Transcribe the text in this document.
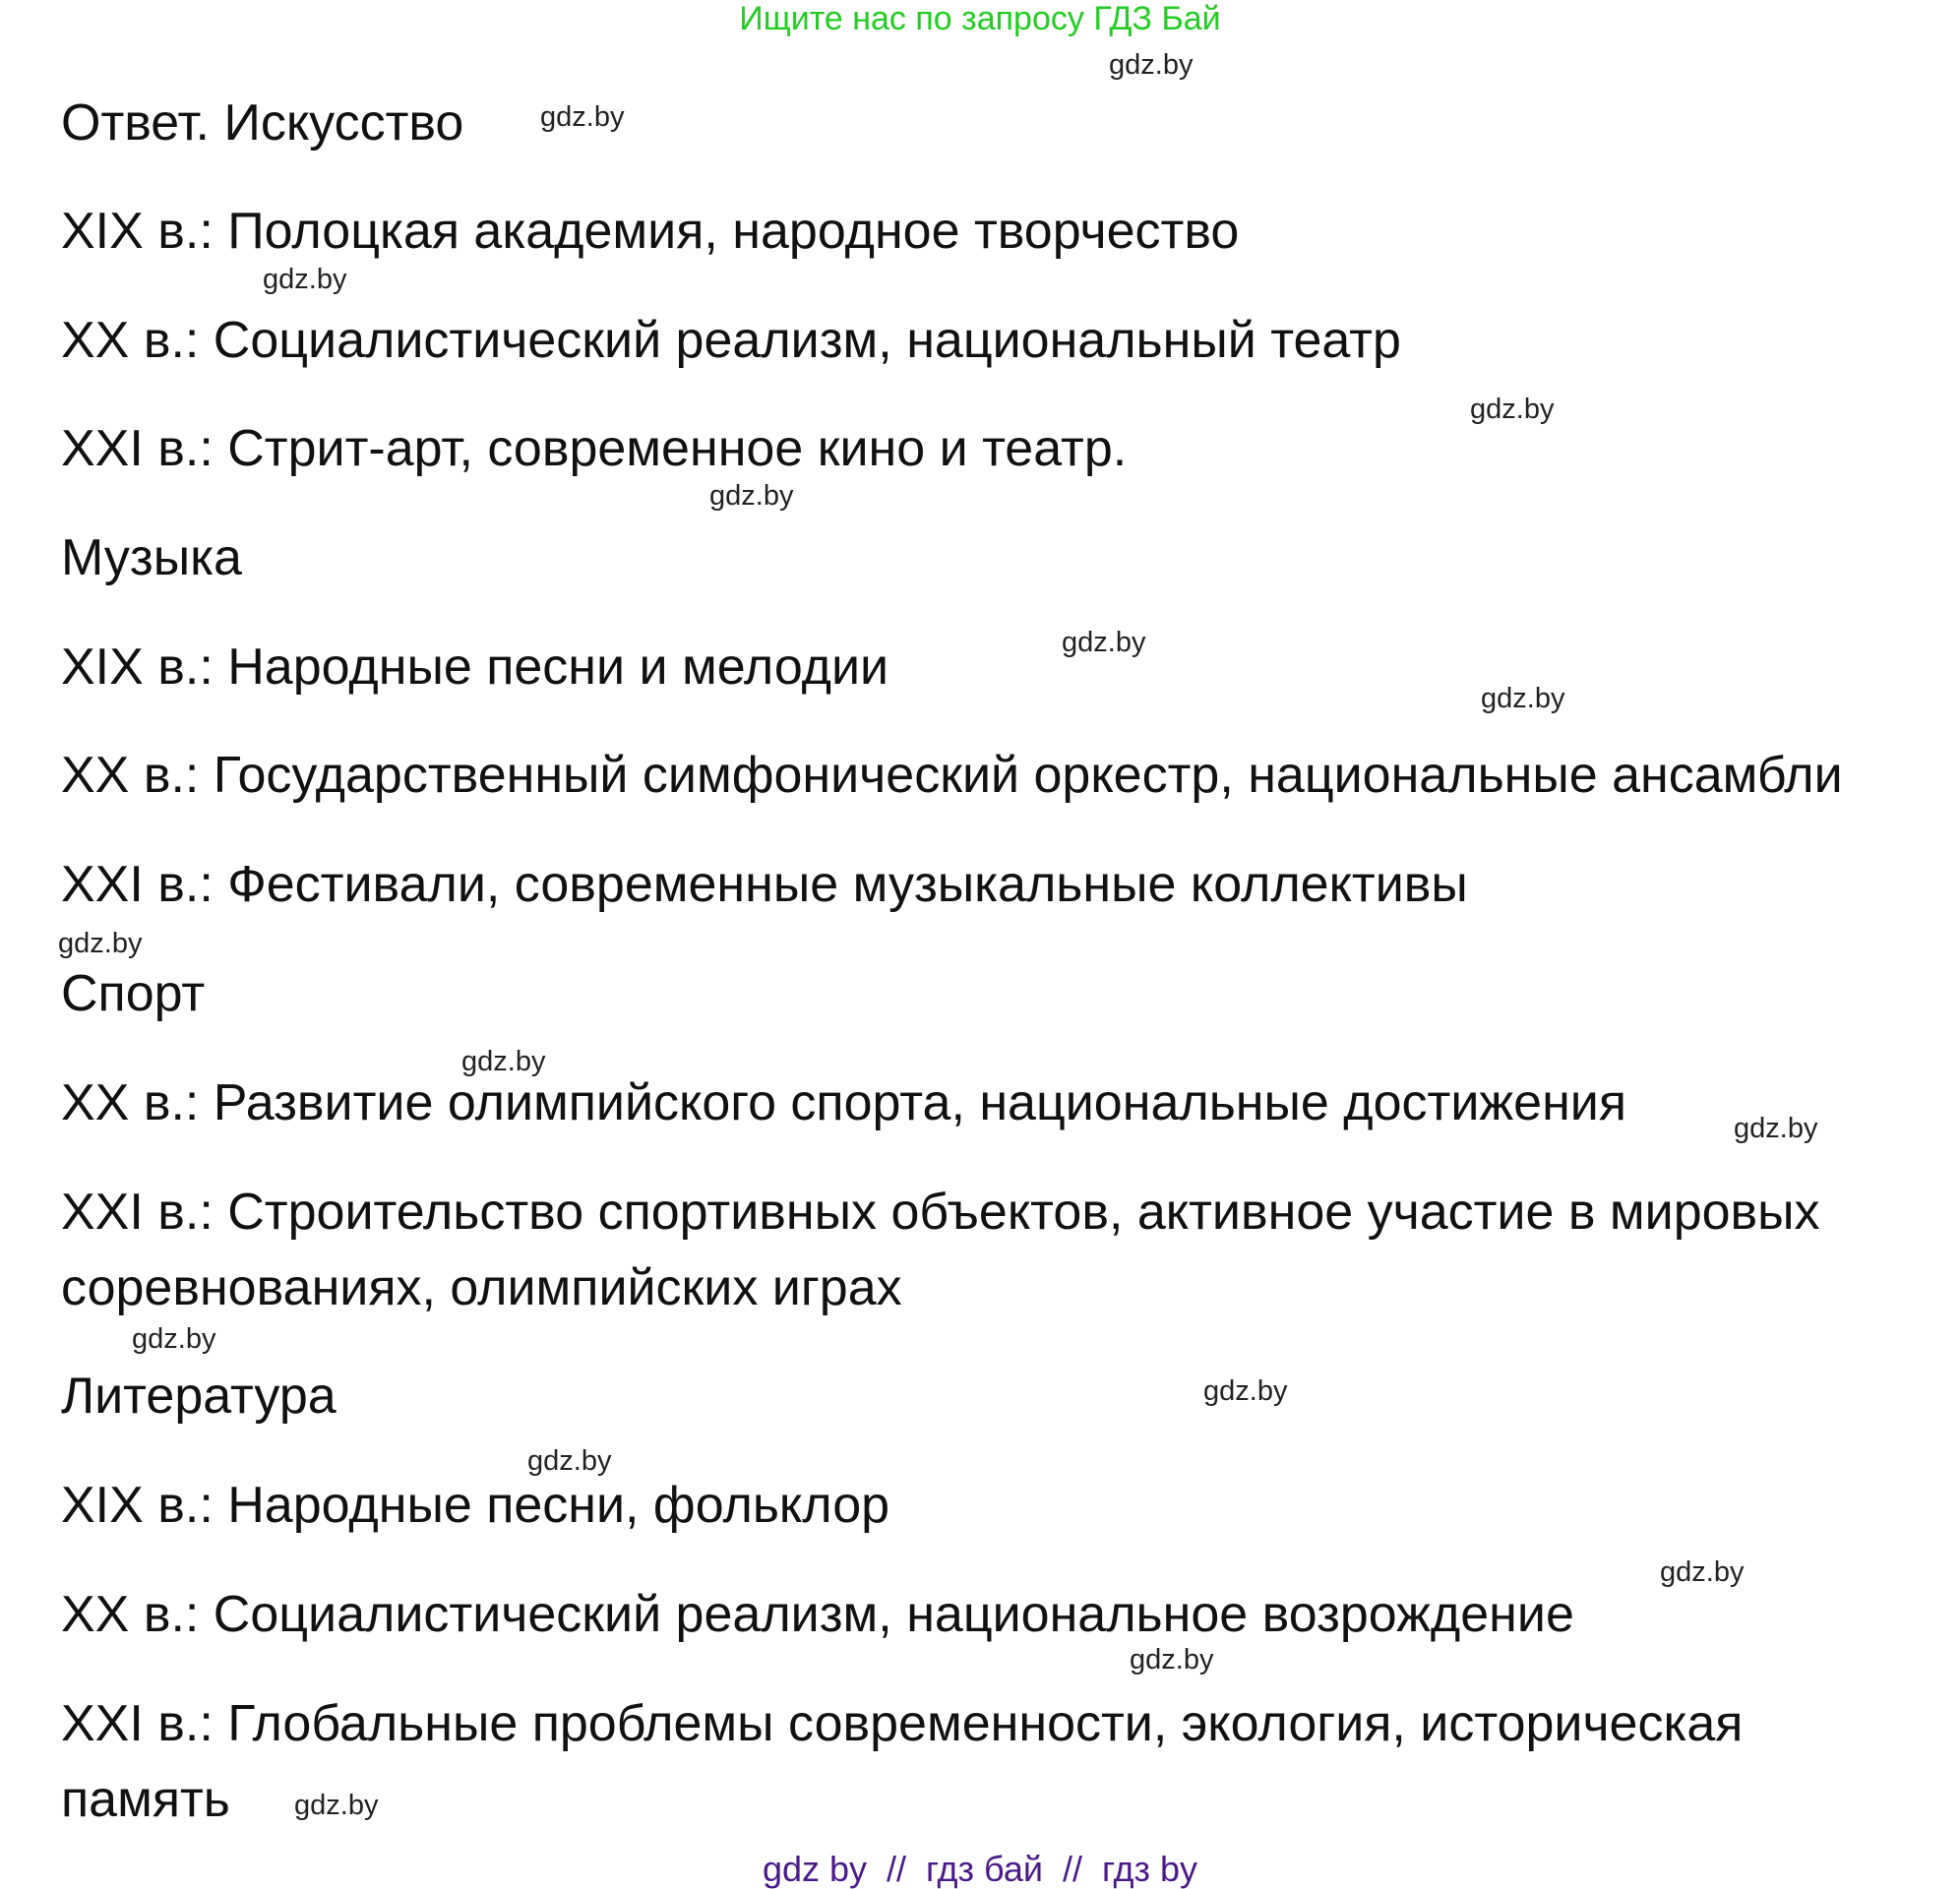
Ищите нас по запросу ГДЗ Бай
Ответ. Искусство
XIX в.: Полоцкая академия, народное творчество
XX в.: Социалистический реализм, национальный театр
XXI в.: Стрит-арт, современное кино и театр.
Музыка
XIX в.: Народные песни и мелодии
XX в.: Государственный симфонический оркестр, национальные ансамбли
XXI в.: Фестивали, современные музыкальные коллективы
Спорт
XX в.: Развитие олимпийского спорта, национальные достижения
XXI в.: Строительство спортивных объектов, активное участие в мировых
соревнованиях, олимпийских играх
Литература
XIX в.: Народные песни, фольклор
XX в.: Социалистический реализм, национальное возрождение
XXI в.: Глобальные проблемы современности, экология, историческая
память
gdz.by
gdz.by
gdz.by
gdz.by
gdz.by
gdz.by
gdz.by
gdz.by
gdz.by
gdz.by
gdz.by
gdz.by
gdz.by
gdz.by
gdz.by
gdz.by
gdz by  //  гдз бай  //  гдз by
